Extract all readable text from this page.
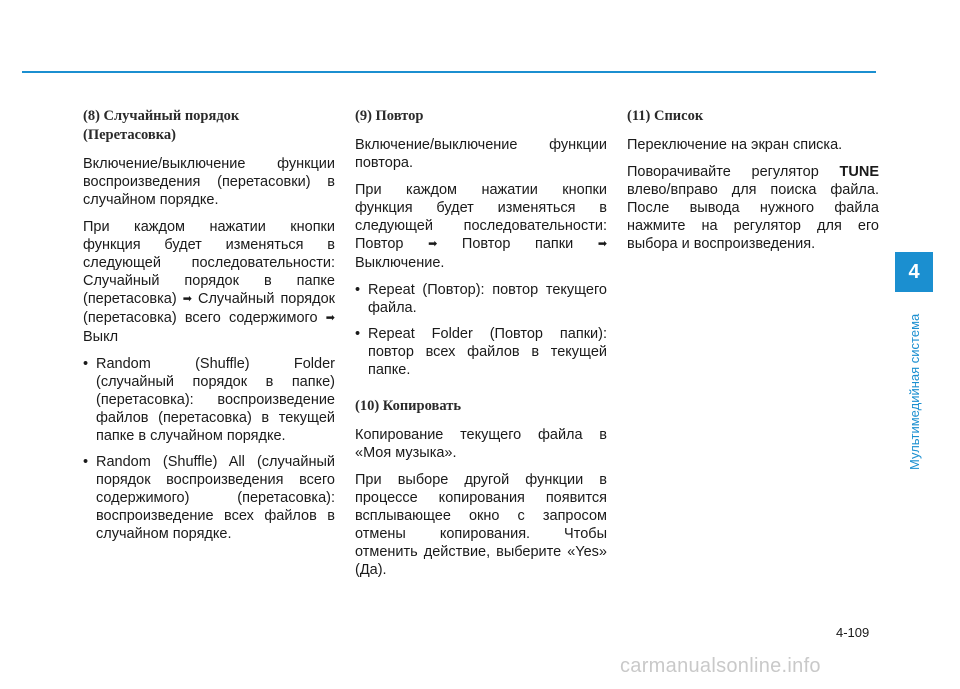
4
Мультимедийная система
(8) Случайный порядок (Перетасовка)

Включение/выключение функции воспроизведения (перетасовки) в случайном порядке.

При каждом нажатии кнопки функция будет изменяться в следующей последовательности: Случайный порядок в папке (перетасовка) ➡ Случайный порядок (перетасовка) всего содержимого ➡ Выкл

• Random (Shuffle) Folder (случайный порядок в папке) (перетасовка): воспроизведение файлов (перетасовка) в текущей папке в случайном порядке.
• Random (Shuffle) All (случайный порядок воспроизведения всего содержимого) (перетасовка): воспроизведение всех файлов в случайном порядке.
(9) Повтор

Включение/выключение функции повтора.

При каждом нажатии кнопки функция будет изменяться в следующей последовательности: Повтор ➡ Повтор папки ➡ Выключение.

• Repeat (Повтор): повтор текущего файла.
• Repeat Folder (Повтор папки): повтор всех файлов в текущей папке.
(10) Копировать

Копирование текущего файла в «Моя музыка».

При выборе другой функции в процессе копирования появится всплывающее окно с запросом отмены копирования. Чтобы отменить действие, выберите «Yes» (Да).

(11) Список

Переключение на экран списка.

Поворачивайте регулятор TUNE влево/вправо для поиска файла. После вывода нужного файла нажмите на регулятор для его выбора и воспроизведения.

4-109
carmanualsonline.info
